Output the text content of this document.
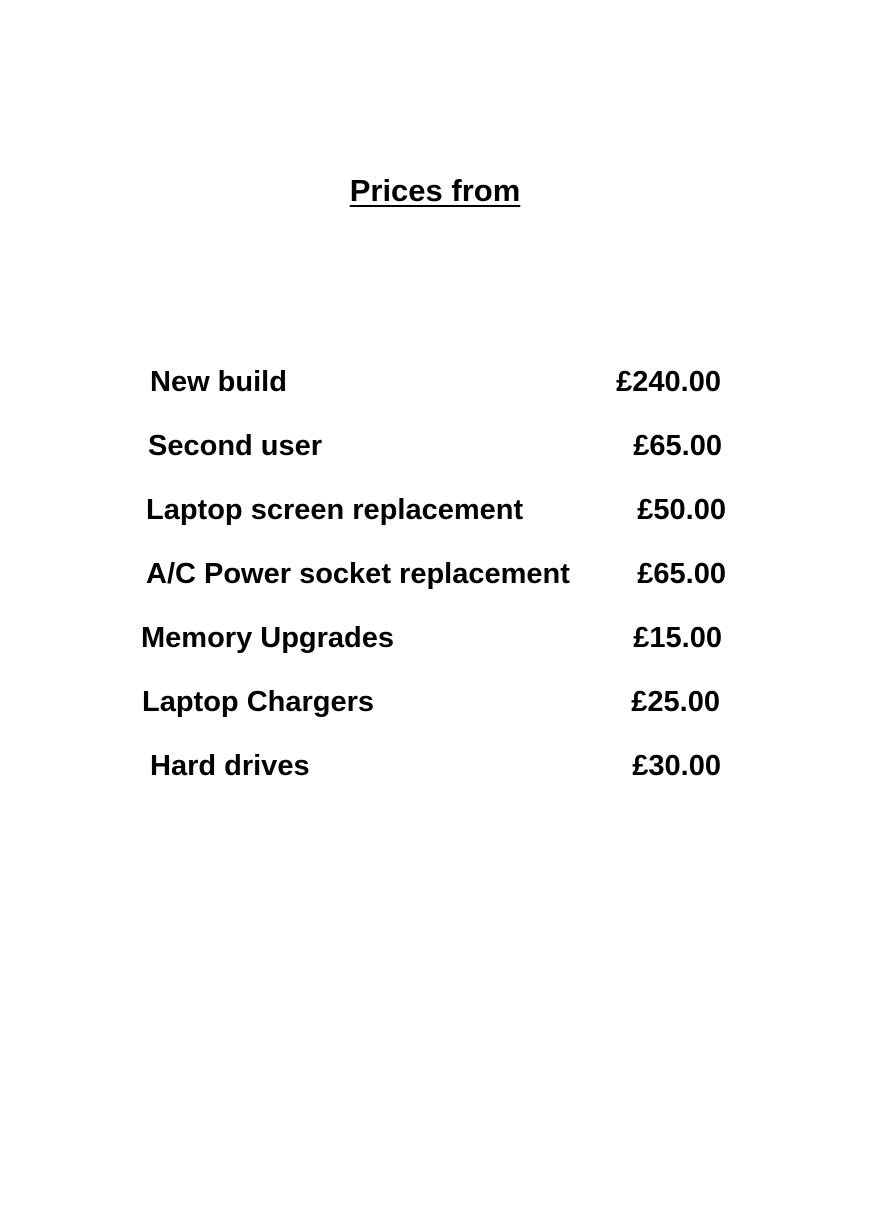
Prices from
New build	£240.00
Second user	£65.00
Laptop screen replacement	£50.00
A/C Power socket replacement	£65.00
Memory Upgrades	£15.00
Laptop Chargers	£25.00
Hard drives	£30.00
